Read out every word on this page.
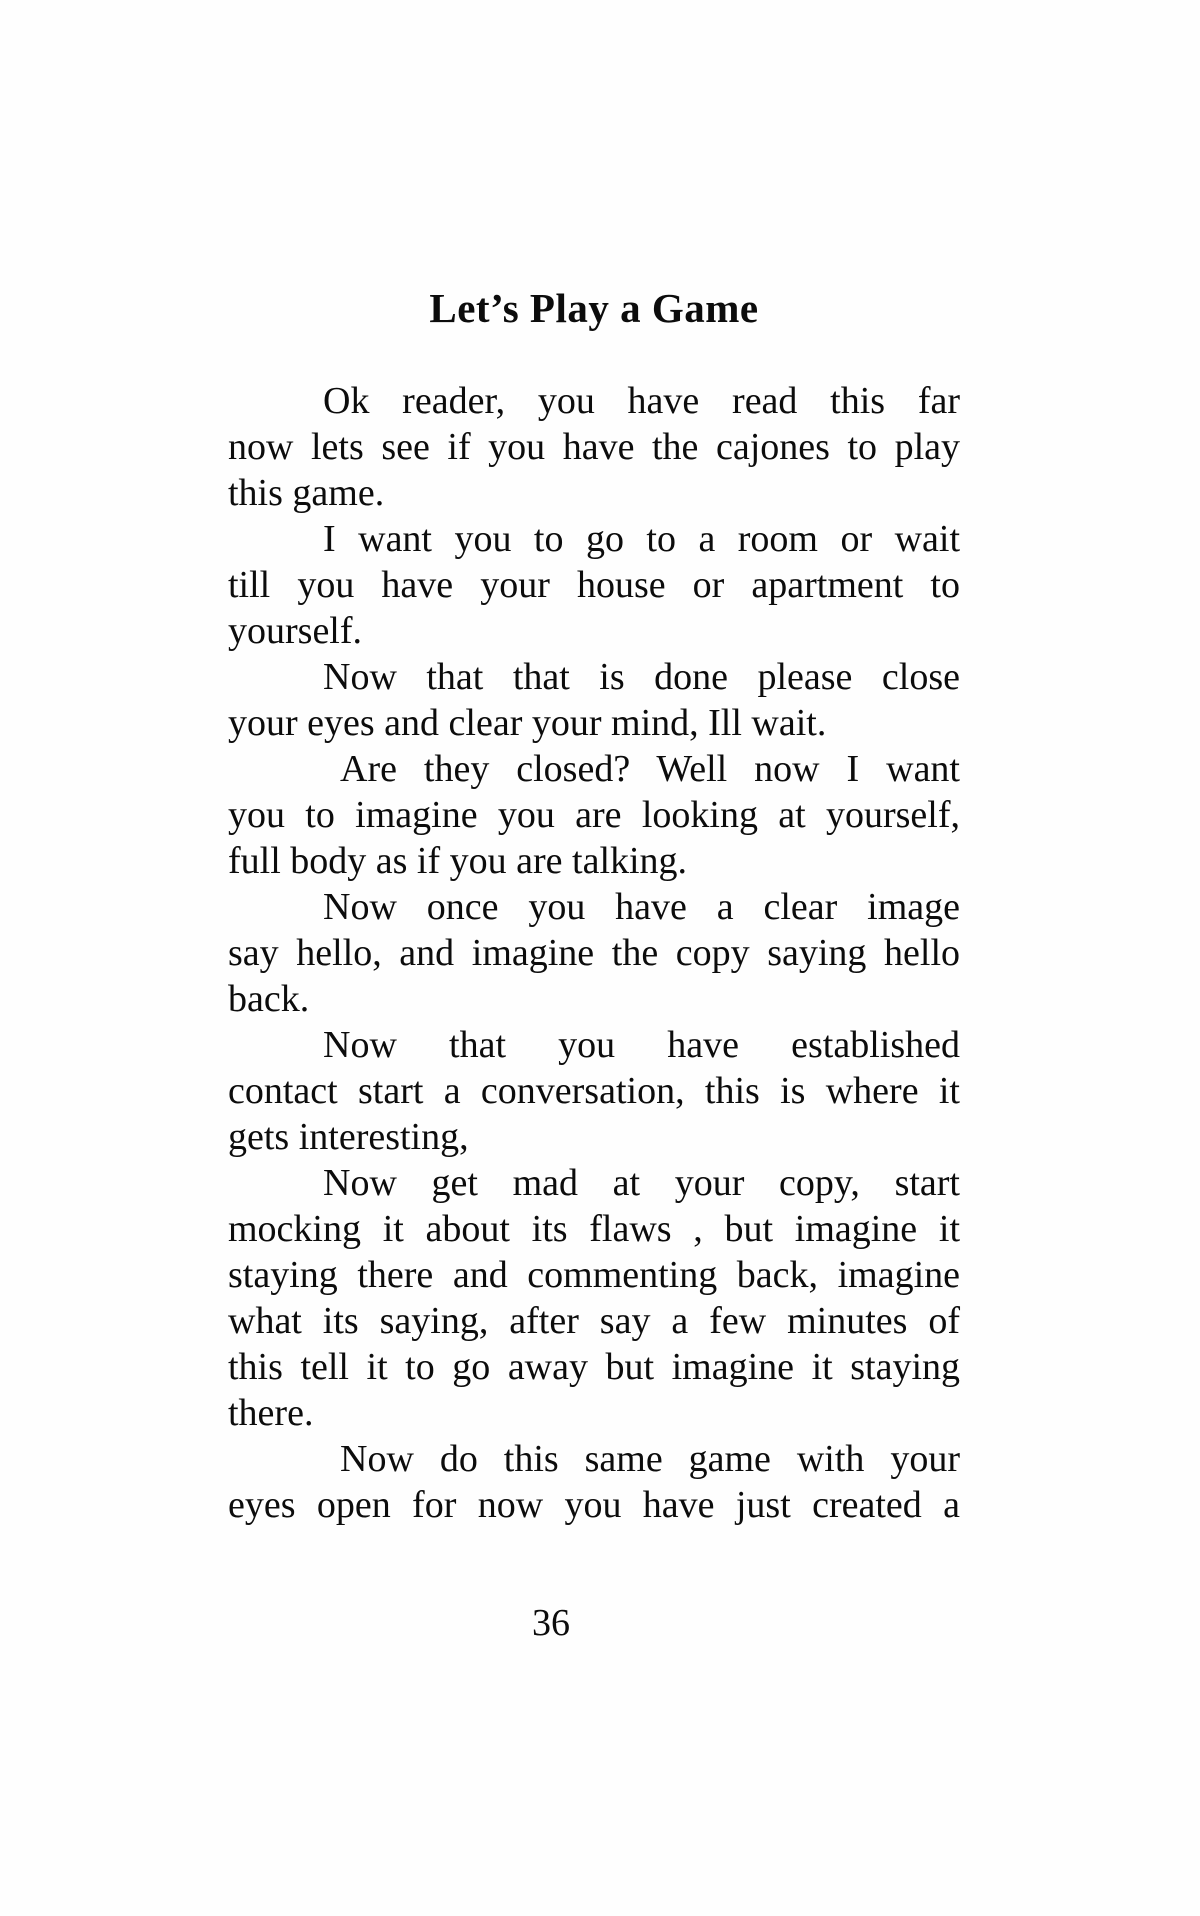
Let’s Play a Game

Ok reader, you have read this far
now lets see if you have the cajones to play
this game.

I want you to go to a room or wait
till you have your house or apartment to
yourself.

Now that that is done please close
your eyes and clear your mind, Ill wait.

Are they closed? Well now I want
you to imagine you are looking at yourself,
full body as if you are talking.

Now once you have a clear image
say hello, and imagine the copy saying hello
back.

Now that you have established
contact start a conversation, this is where it
gets interesting,

Now get mad at your copy, start
mocking it about its flaws , but imagine it
staying there and commenting back, imagine
what its saying, after say a few minutes of
this tell it to go away but imagine it staying
there.

Now do this same game with your
eyes open for now you have just created a

36
